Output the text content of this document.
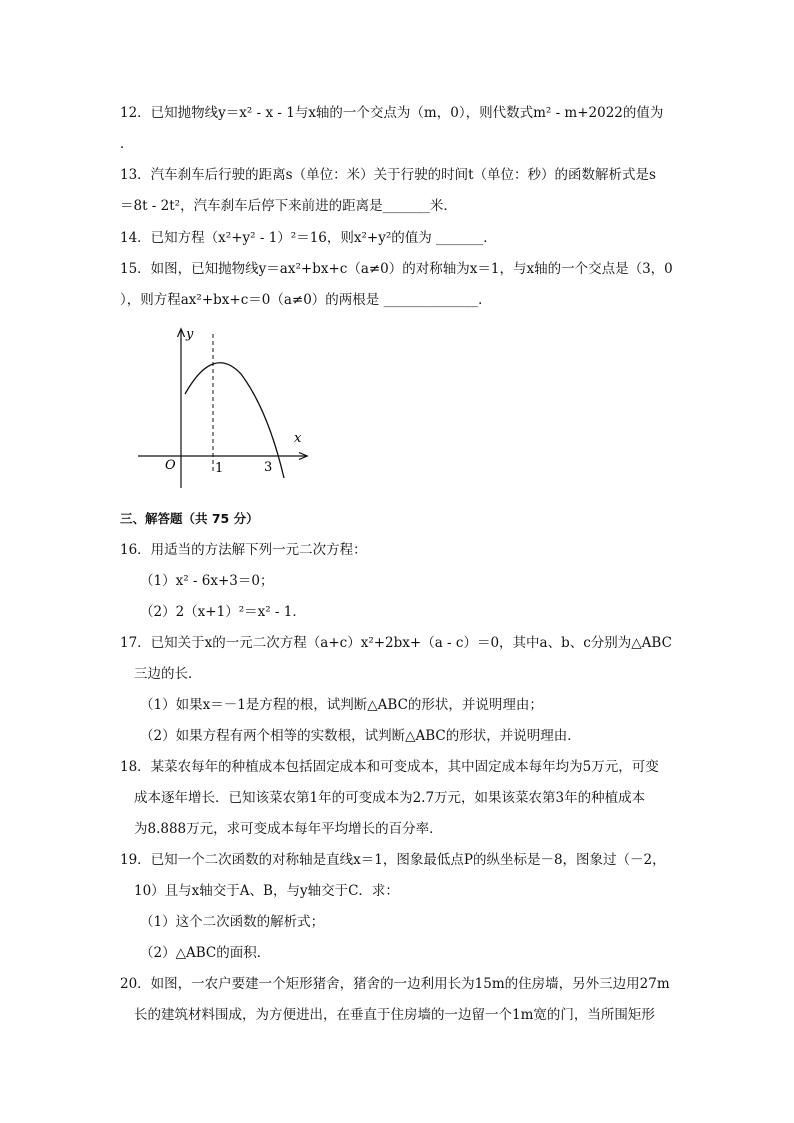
12．已知抛物线y＝x² - x - 1与x轴的一个交点为（m，0），则代数式m² - m+2022的值为
．
13．汽车刹车后行驶的距离s（单位：米）关于行驶的时间t（单位：秒）的函数解析式是s
＝8t - 2t²，汽车刹车后停下来前进的距离是_______米．
14．已知方程（x²+y² - 1）²＝16，则x²+y²的值为 _______．
15．如图，已知抛物线y＝ax²+bx+c（a≠0）的对称轴为x＝1，与x轴的一个交点是（3，0
），则方程ax²+bx+c＝0（a≠0）的两根是 ______________．
y
x
O	1	3
三、解答题（共 75 分）
16．用适当的方法解下列一元二次方程：
（1）x² - 6x+3＝0；
（2）2（x+1）²＝x² - 1．
17．已知关于x的一元二次方程（a+c）x²+2bx+（a - c）＝0，其中a、b、c分别为△ABC
三边的长．
（1）如果x＝－1是方程的根，试判断△ABC的形状，并说明理由；
（2）如果方程有两个相等的实数根，试判断△ABC的形状，并说明理由．
18．某菜农每年的种植成本包括固定成本和可变成本，其中固定成本每年均为5万元，可变
成本逐年增长．已知该菜农第1年的可变成本为2.7万元，如果该菜农第3年的种植成本
为8.888万元，求可变成本每年平均增长的百分率．
19．已知一个二次函数的对称轴是直线x＝1，图象最低点P的纵坐标是－8，图象过（－2，
10）且与x轴交于A、B，与y轴交于C．求：
（1）这个二次函数的解析式；
（2）△ABC的面积．
20．如图，一农户要建一个矩形猪舍，猪舍的一边利用长为15m的住房墙，另外三边用27m
长的建筑材料围成，为方便进出，在垂直于住房墙的一边留一个1m宽的门，当所围矩形
